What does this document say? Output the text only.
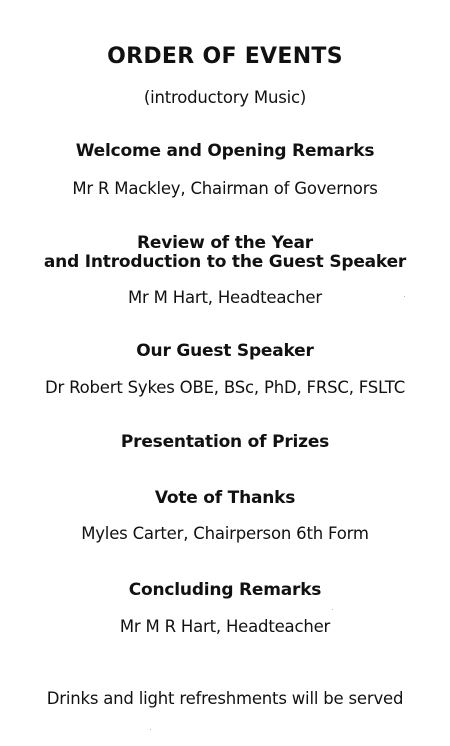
ORDER OF EVENTS
(introductory Music)
Welcome and Opening Remarks
Mr R Mackley, Chairman of Governors
Review of the Year
and Introduction to the Guest Speaker
Mr M Hart, Headteacher
Our Guest Speaker
Dr Robert Sykes OBE, BSc, PhD, FRSC, FSLTC
Presentation of Prizes
Vote of Thanks
Myles Carter, Chairperson 6th Form
Concluding Remarks
Mr M R Hart, Headteacher
Drinks and light refreshments will be served
